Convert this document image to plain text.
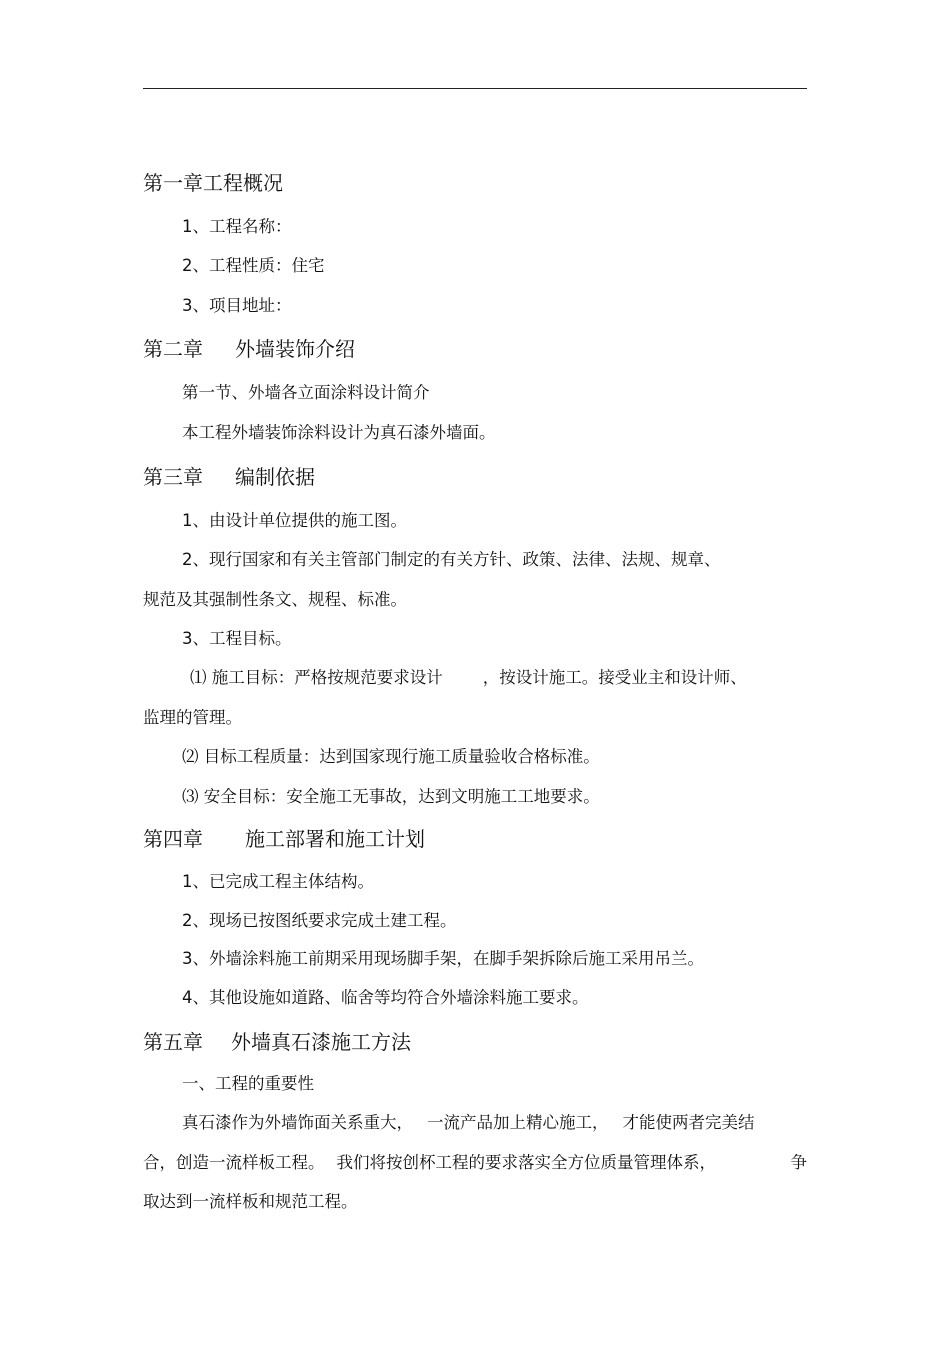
第一章工程概况
1、工程名称：
2、工程性质：住宅
3、项目地址：
第二章 外墙装饰介绍
第一节、外墙各立面涂料设计简介
本工程外墙装饰涂料设计为真石漆外墙面。
第三章 编制依据
1、由设计单位提供的施工图。
2、现行国家和有关主管部门制定的有关方针、政策、法律、法规、规章、
规范及其强制性条文、规程、标准。
3、工程目标。
⑴ 施工目标：严格按规范要求设计 ，按设计施工。接受业主和设计师、
监理的管理。
⑵ 目标工程质量：达到国家现行施工质量验收合格标准。
⑶ 安全目标：安全施工无事故，达到文明施工工地要求。
第四章 施工部署和施工计划
1、已完成工程主体结构。
2、现场已按图纸要求完成土建工程。
3、外墙涂料施工前期采用现场脚手架，在脚手架拆除后施工采用吊兰。
4、其他设施如道路、临舍等均符合外墙涂料施工要求。
第五章 外墙真石漆施工方法
一、工程的重要性
真石漆作为外墙饰面关系重大， 一流产品加上精心施工， 才能使两者完美结
合，创造一流样板工程。 我们将按创杯工程的要求落实全方位质量管理体系，	争
取达到一流样板和规范工程。
